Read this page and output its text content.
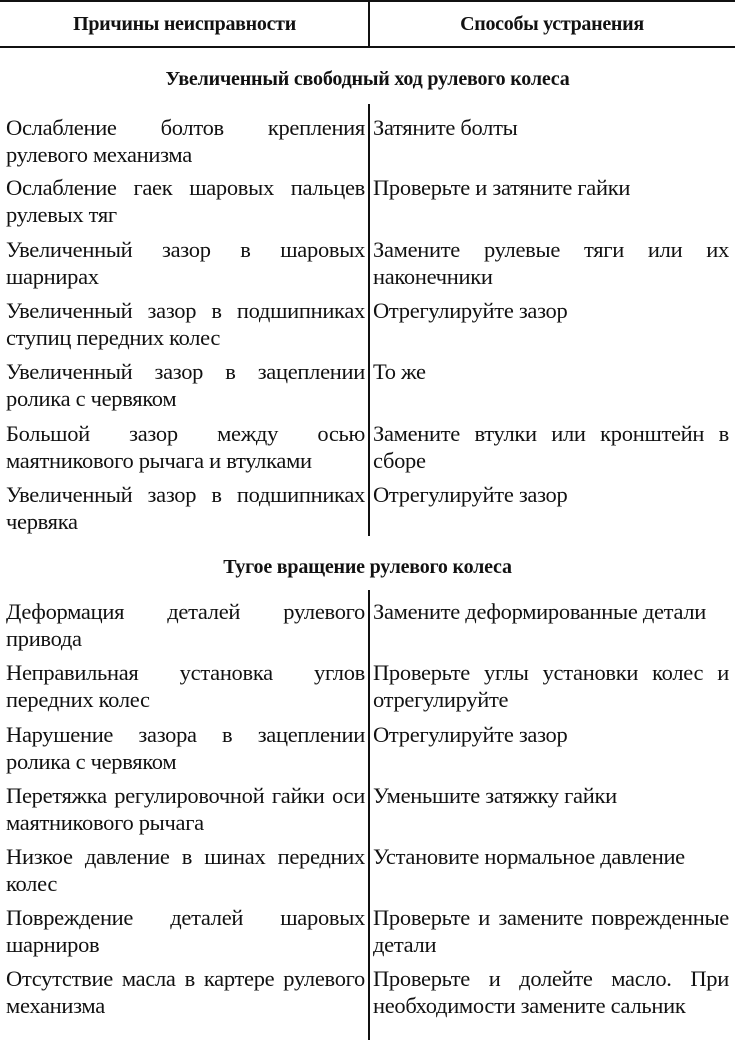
Причины неисправности	Способы устранения
Увеличенный свободный ход рулевого колеса
Ослабление болтов крепления рулевого механизма
Затяните болты
Ослабление гаек шаровых пальцев рулевых тяг
Проверьте и затяните гайки
Увеличенный зазор в шаровых шарнирах
Замените рулевые тяги или их наконечники
Увеличенный зазор в подшипниках ступиц передних колес
Отрегулируйте зазор
Увеличенный зазор в зацеплении ролика с червяком
То же
Большой зазор между осью маятникового рычага и втулками
Замените втулки или кронштейн в сборе
Увеличенный зазор в подшипниках червяка
Отрегулируйте зазор
Тугое вращение рулевого колеса
Деформация деталей рулевого привода
Замените деформированные детали
Неправильная установка углов передних колес
Проверьте углы установки колес и отрегулируйте
Нарушение зазора в зацеплении ролика с червяком
Отрегулируйте зазор
Перетяжка регулировочной гайки оси маятникового рычага
Уменьшите затяжку гайки
Низкое давление в шинах передних колес
Установите нормальное давление
Повреждение деталей шаровых шарниров
Проверьте и замените поврежденные детали
Отсутствие масла в картере рулевого механизма
Проверьте и долейте масло. При необходимости замените сальник
